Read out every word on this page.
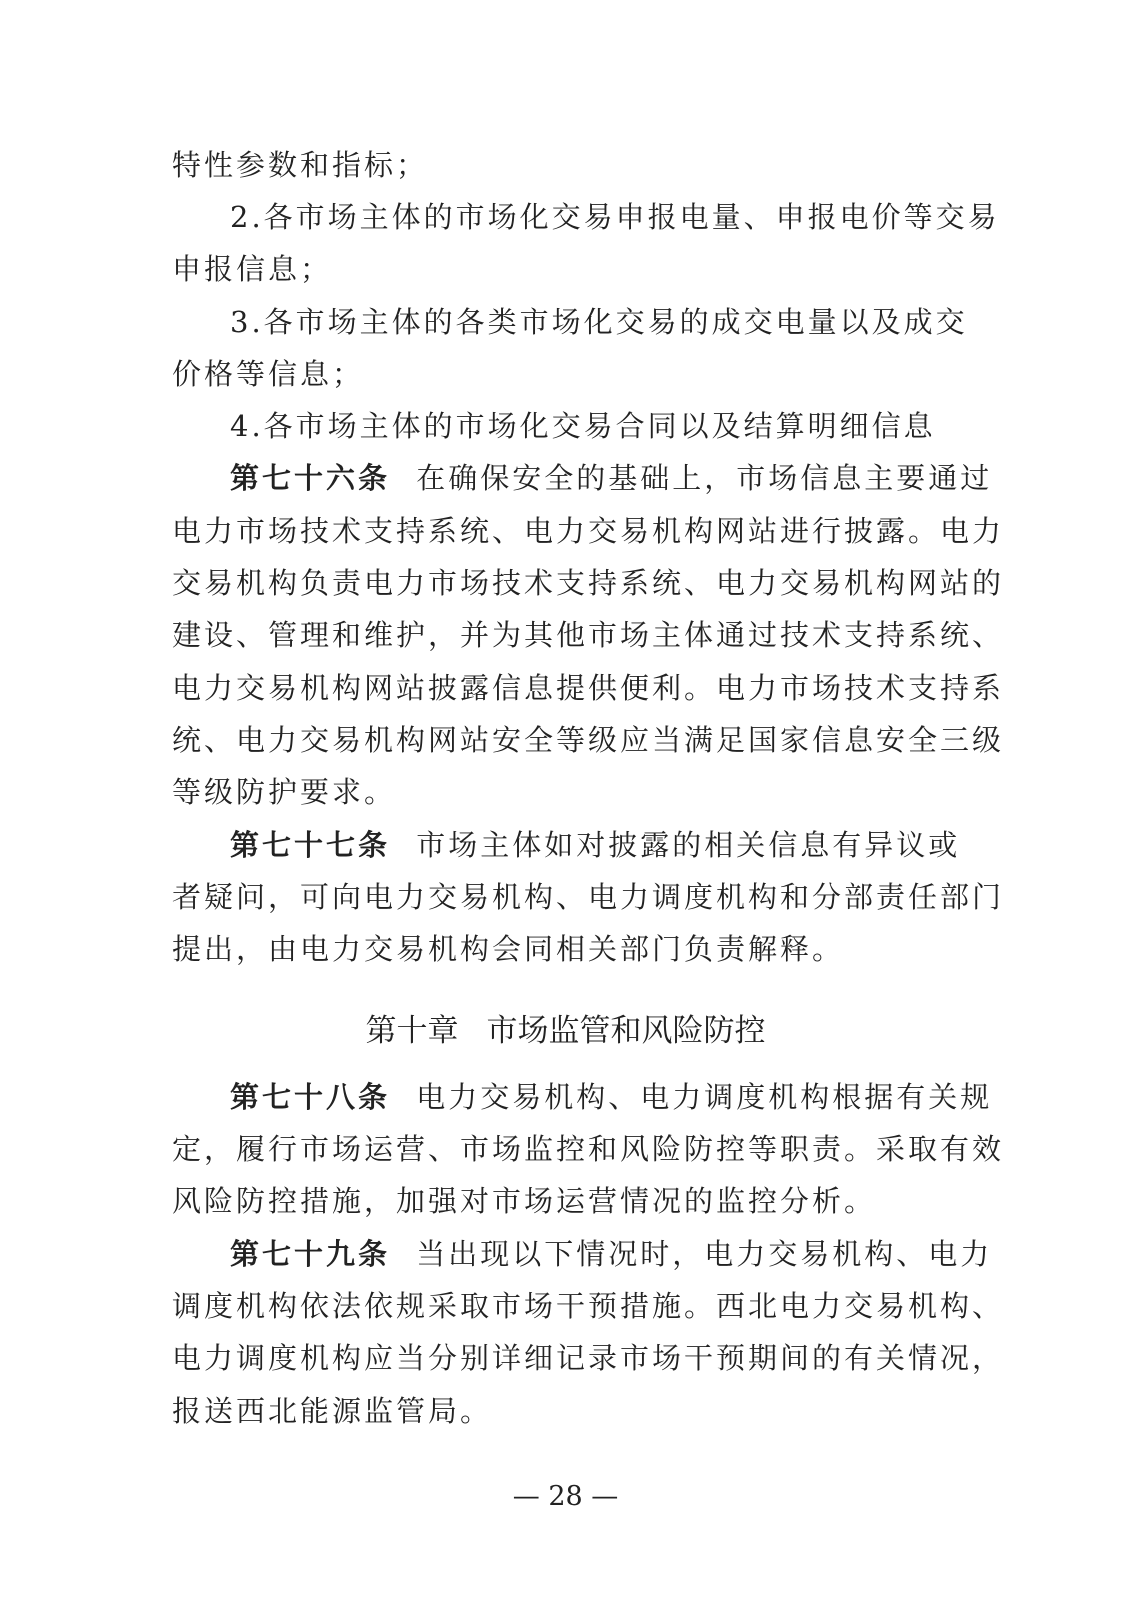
特性参数和指标；
2.各市场主体的市场化交易申报电量、申报电价等交易
申报信息；
3.各市场主体的各类市场化交易的成交电量以及成交
价格等信息；
4.各市场主体的市场化交易合同以及结算明细信息
第七十六条 在确保安全的基础上，市场信息主要通过
电力市场技术支持系统、电力交易机构网站进行披露。电力
交易机构负责电力市场技术支持系统、电力交易机构网站的
建设、管理和维护，并为其他市场主体通过技术支持系统、
电力交易机构网站披露信息提供便利。电力市场技术支持系
统、电力交易机构网站安全等级应当满足国家信息安全三级
等级防护要求。
第七十七条 市场主体如对披露的相关信息有异议或
者疑问，可向电力交易机构、电力调度机构和分部责任部门
提出，由电力交易机构会同相关部门负责解释。
第十章 市场监管和风险防控
第七十八条 电力交易机构、电力调度机构根据有关规
定，履行市场运营、市场监控和风险防控等职责。采取有效
风险防控措施，加强对市场运营情况的监控分析。
第七十九条 当出现以下情况时，电力交易机构、电力
调度机构依法依规采取市场干预措施。西北电力交易机构、
电力调度机构应当分别详细记录市场干预期间的有关情况，
报送西北能源监管局。
— 28 —
